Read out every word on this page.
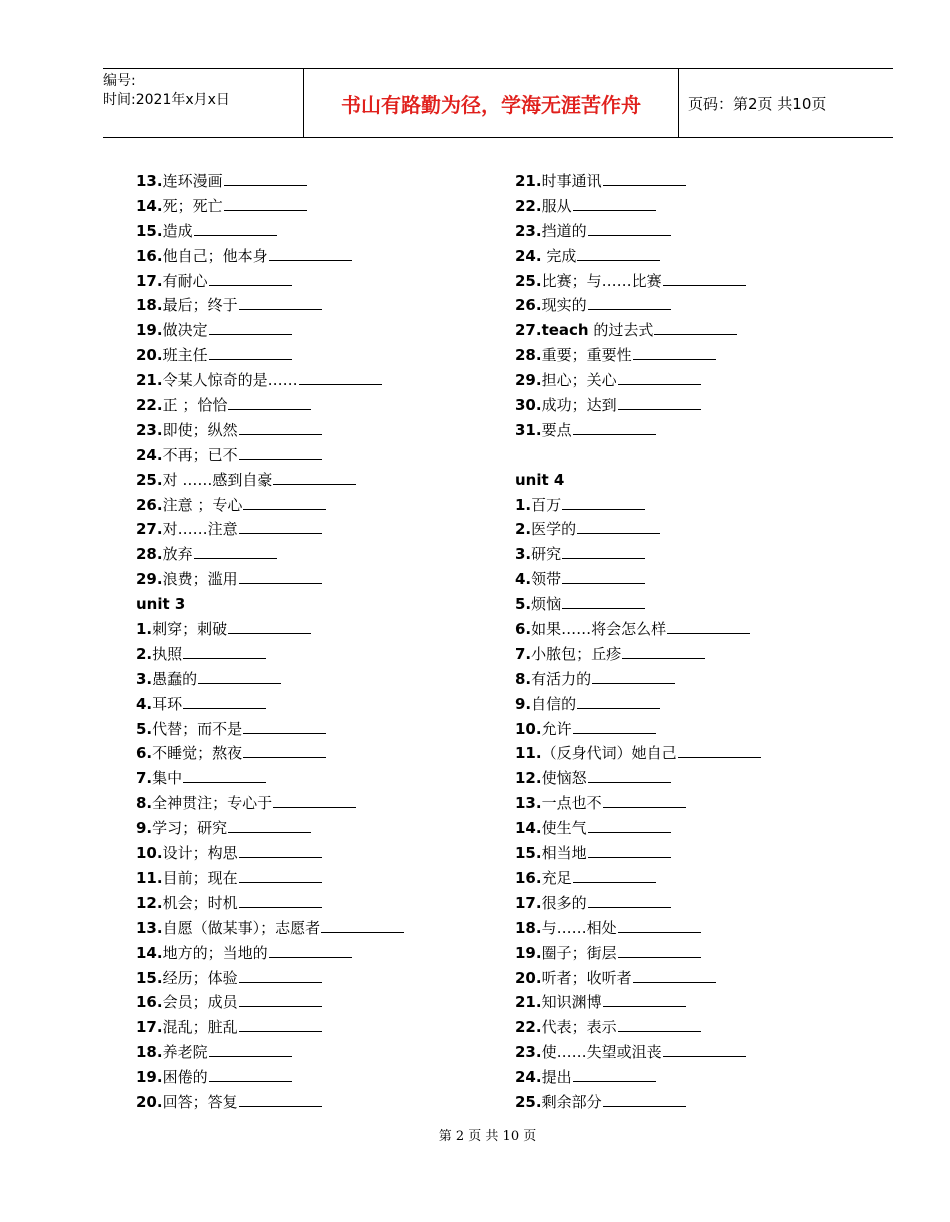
编号:
时间:2021年x月x日	书山有路勤为径，学海无涯苦作舟	页码：第2页 共10页
13.连环漫画
14.死；死亡
15.造成
16.他自己；他本身
17.有耐心
18.最后；终于
19.做决定
20.班主任
21.令某人惊奇的是……
22.正 ；恰恰
23.即使；纵然
24.不再；已不
25.对 ……感到自豪
26.注意 ；专心
27.对……注意
28.放弃
29.浪费；滥用
unit 3
1.刺穿；刺破
2.执照
3.愚蠢的
4.耳环
5.代替；而不是
6.不睡觉；熬夜
7.集中
8.全神贯注；专心于
9.学习；研究
10.设计；构思
11.目前；现在
12.机会；时机
13.自愿（做某事）；志愿者
14.地方的；当地的
15.经历；体验
16.会员；成员
17.混乱；脏乱
18.养老院
19.困倦的
20.回答；答复
21.时事通讯
22.服从
23.挡道的
24. 完成
25.比赛；与……比赛
26.现实的
27.teach 的过去式
28.重要；重要性
29.担心；关心
30.成功；达到
31.要点
unit 4
1.百万
2.医学的
3.研究
4.领带
5.烦恼
6.如果……将会怎么样
7.小脓包；丘疹
8.有活力的
9.自信的
10.允许
11.（反身代词）她自己
12.使恼怒
13.一点也不
14.使生气
15.相当地
16.充足
17.很多的
18.与……相处
19.圈子；街层
20.听者；收听者
21.知识渊博
22.代表；表示
23.使……失望或沮丧
24.提出
25.剩余部分
第 2 页 共 10 页
